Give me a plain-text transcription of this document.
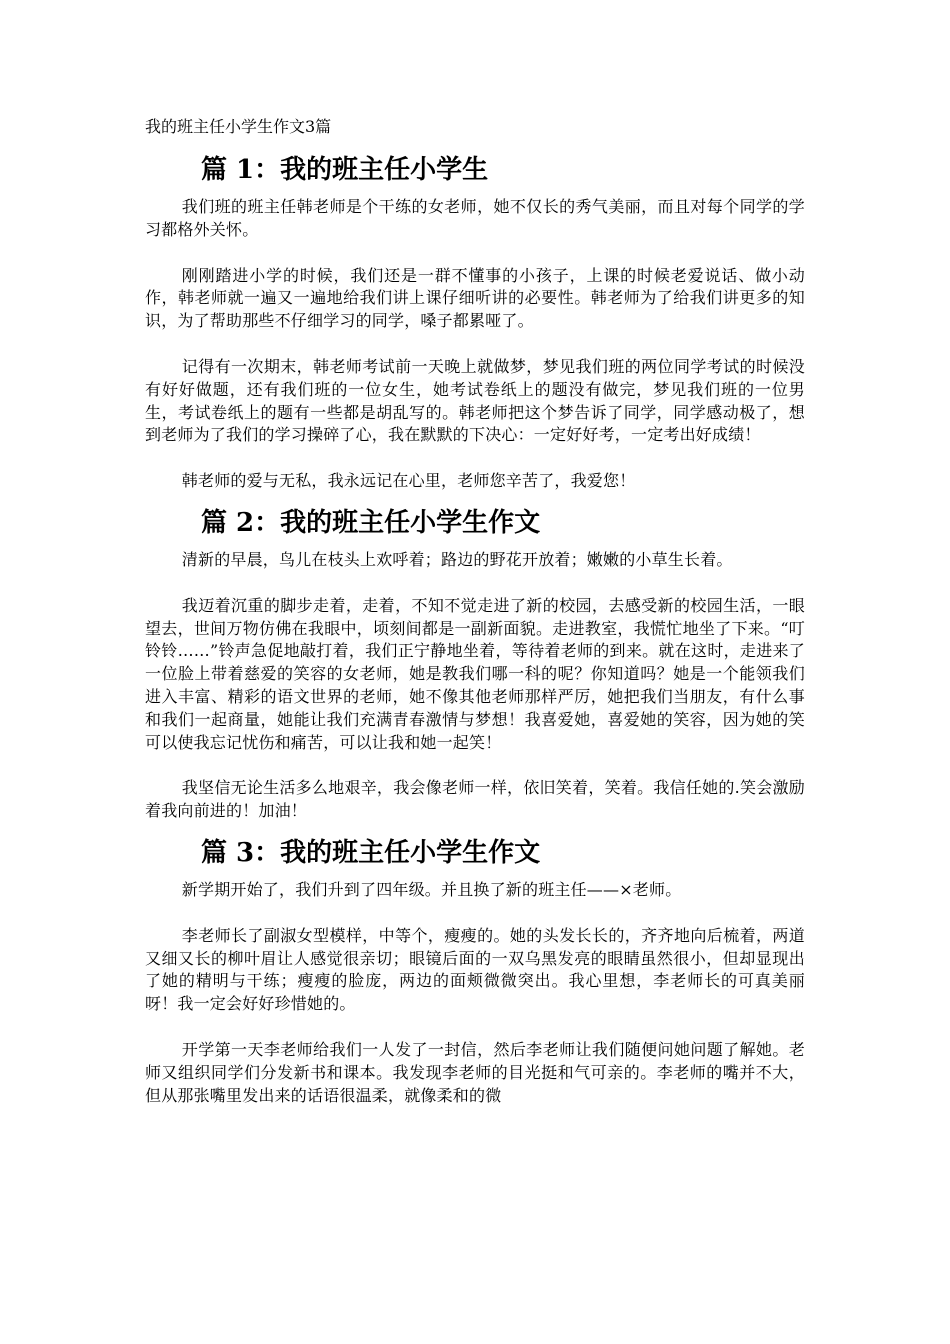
我的班主任小学生作文3篇
篇 1：我的班主任小学生

我们班的班主任韩老师是个干练的女老师，她不仅长的秀气美丽，而且对每个同学的学习都格外关怀。

刚刚踏进小学的时候，我们还是一群不懂事的小孩子，上课的时候老爱说话、做小动作，韩老师就一遍又一遍地给我们讲上课仔细听讲的必要性。韩老师为了给我们讲更多的知识，为了帮助那些不仔细学习的同学，嗓子都累哑了。

记得有一次期末，韩老师考试前一天晚上就做梦，梦见我们班的两位同学考试的时候没有好好做题，还有我们班的一位女生，她考试卷纸上的题没有做完，梦见我们班的一位男生，考试卷纸上的题有一些都是胡乱写的。韩老师把这个梦告诉了同学，同学感动极了，想到老师为了我们的学习操碎了心，我在默默的下决心：一定好好考，一定考出好成绩！

韩老师的爱与无私，我永远记在心里，老师您辛苦了，我爱您！

篇 2：我的班主任小学生作文

清新的早晨，鸟儿在枝头上欢呼着；路边的野花开放着；嫩嫩的小草生长着。

我迈着沉重的脚步走着，走着，不知不觉走进了新的校园，去感受新的校园生活，一眼望去，世间万物仿佛在我眼中，顷刻间都是一副新面貌。走进教室，我慌忙地坐了下来。“叮铃铃……”铃声急促地敲打着，我们正宁静地坐着，等待着老师的到来。就在这时，走进来了一位脸上带着慈爱的笑容的女老师，她是教我们哪一科的呢？你知道吗？她是一个能领我们进入丰富、精彩的语文世界的老师，她不像其他老师那样严厉，她把我们当朋友，有什么事和我们一起商量，她能让我们充满青春激情与梦想！我喜爱她，喜爱她的笑容，因为她的笑可以使我忘记忧伤和痛苦，可以让我和她一起笑！

我坚信无论生活多么地艰辛，我会像老师一样，依旧笑着，笑着。我信任她的.笑会激励着我向前进的！加油！

篇 3：我的班主任小学生作文

新学期开始了，我们升到了四年级。并且换了新的班主任——×老师。

李老师长了副淑女型模样，中等个，瘦瘦的。她的头发长长的，齐齐地向后梳着，两道又细又长的柳叶眉让人感觉很亲切；眼镜后面的一双乌黑发亮的眼睛虽然很小，但却显现出了她的精明与干练；瘦瘦的脸庞，两边的面颊微微突出。我心里想，李老师长的可真美丽呀！我一定会好好珍惜她的。

开学第一天李老师给我们一人发了一封信，然后李老师让我们随便问她问题了解她。老师又组织同学们分发新书和课本。我发现李老师的目光挺和气可亲的。李老师的嘴并不大，但从那张嘴里发出来的话语很温柔，就像柔和的微
